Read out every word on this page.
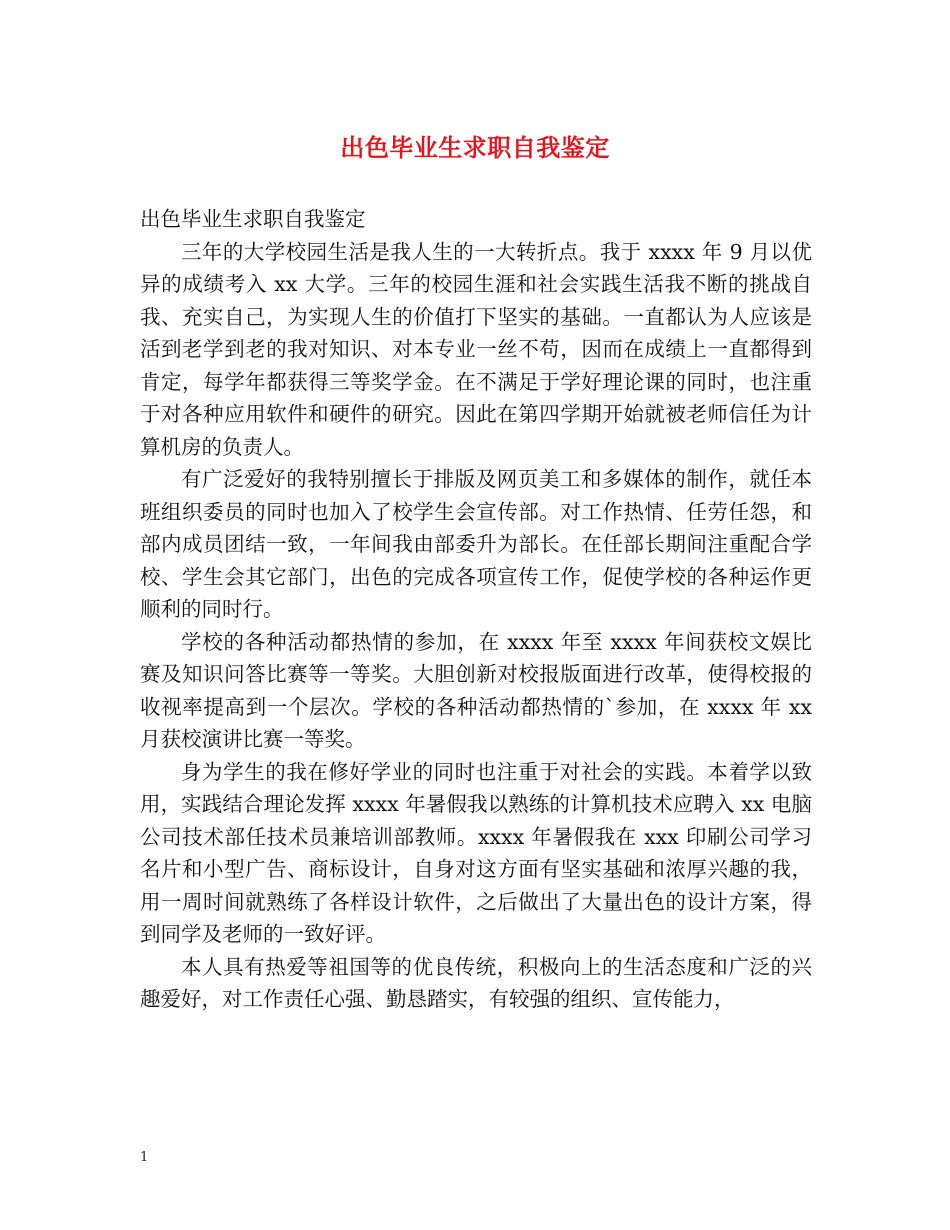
出色毕业生求职自我鉴定

出色毕业生求职自我鉴定

三年的大学校园生活是我人生的一大转折点。我于 xxxx 年 9 月以优异的成绩考入 xx 大学。三年的校园生涯和社会实践生活我不断的挑战自我、充实自己，为实现人生的价值打下坚实的基础。一直都认为人应该是活到老学到老的我对知识、对本专业一丝不苟，因而在成绩上一直都得到肯定，每学年都获得三等奖学金。在不满足于学好理论课的同时，也注重于对各种应用软件和硬件的研究。因此在第四学期开始就被老师信任为计算机房的负责人。

有广泛爱好的我特别擅长于排版及网页美工和多媒体的制作，就任本班组织委员的同时也加入了校学生会宣传部。对工作热情、任劳任怨，和部内成员团结一致，一年间我由部委升为部长。在任部长期间注重配合学校、学生会其它部门，出色的完成各项宣传工作，促使学校的各种运作更顺利的同时行。

学校的各种活动都热情的参加，在 xxxx 年至 xxxx 年间获校文娱比赛及知识问答比赛等一等奖。大胆创新对校报版面进行改革，使得校报的收视率提高到一个层次。学校的各种活动都热情的`参加，在 xxxx 年 xx 月获校演讲比赛一等奖。

身为学生的我在修好学业的同时也注重于对社会的实践。本着学以致用，实践结合理论发挥 xxxx 年暑假我以熟练的计算机技术应聘入 xx 电脑公司技术部任技术员兼培训部教师。xxxx 年暑假我在 xxx 印刷公司学习名片和小型广告、商标设计，自身对这方面有坚实基础和浓厚兴趣的我，用一周时间就熟练了各样设计软件，之后做出了大量出色的设计方案，得到同学及老师的一致好评。

本人具有热爱等祖国等的优良传统，积极向上的生活态度和广泛的兴趣爱好，对工作责任心强、勤恳踏实，有较强的组织、宣传能力，

1
